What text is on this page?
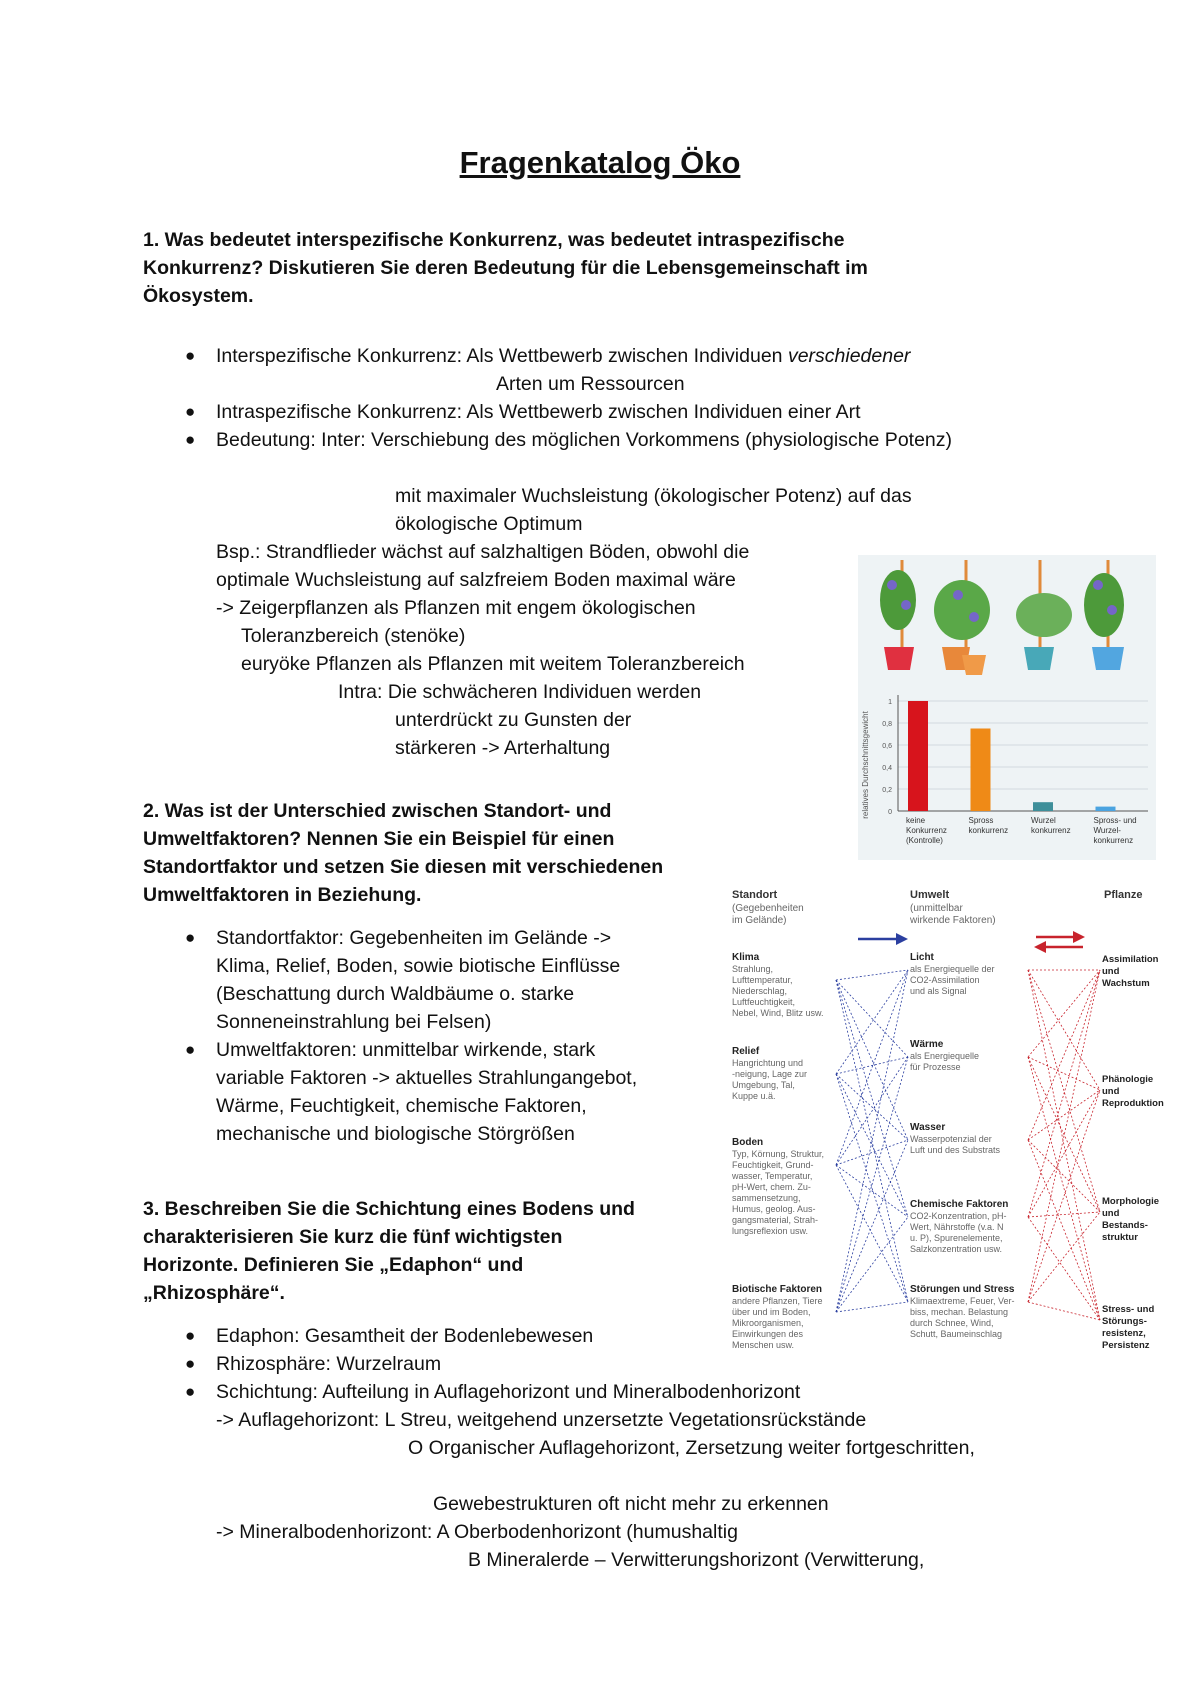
Fragenkatalog Öko
1. Was bedeutet interspezifische Konkurrenz, was bedeutet intraspezifische
Konkurrenz? Diskutieren Sie deren Bedeutung für die Lebensgemeinschaft im
Ökosystem.
● Interspezifische Konkurrenz: Als Wettbewerb zwischen Individuen verschiedener
Arten um Ressourcen
● Intraspezifische Konkurrenz: Als Wettbewerb zwischen Individuen einer Art
● Bedeutung: Inter: Verschiebung des möglichen Vorkommens (physiologische Potenz)
mit maximaler Wuchsleistung (ökologischer Potenz) auf das
ökologische Optimum
Bsp.: Strandflieder wächst auf salzhaltigen Böden, obwohl die
optimale Wuchsleistung auf salzfreiem Boden maximal wäre
-> Zeigerpflanzen als Pflanzen mit engem ökologischen
Toleranzbereich (stenöke)
euryöke Pflanzen als Pflanzen mit weitem Toleranzbereich
Intra: Die schwächeren Individuen werden
unterdrückt zu Gunsten der
stärkeren -> Arterhaltung
0
0,2
0,4
0,6
0,8
1
keine
Konkurrenz
(Kontrolle)
Spross
konkurrenz
Wurzel
konkurrenz
Spross- und
Wurzel-
konkurrenz
relatives Durchschnittsgewicht
2. Was ist der Unterschied zwischen Standort- und
Umweltfaktoren? Nennen Sie ein Beispiel für einen
Standortfaktor und setzen Sie diesen mit verschiedenen
Umweltfaktoren in Beziehung.
● Standortfaktor: Gegebenheiten im Gelände ->
Klima, Relief, Boden, sowie biotische Einflüsse
(Beschattung durch Waldbäume o. starke
Sonneneinstrahlung bei Felsen)
● Umweltfaktoren: unmittelbar wirkende, stark
variable Faktoren -> aktuelles Strahlungangebot,
Wärme, Feuchtigkeit, chemische Faktoren,
mechanische und biologische Störgrößen
Standort
(Gegebenheiten
im Gelände)
Umwelt
(unmittelbar
wirkende Faktoren)
Pflanze
Klima
Strahlung,
Lufttemperatur,
Niederschlag,
Luftfeuchtigkeit,
Nebel, Wind, Blitz usw.
Relief
Hangrichtung und
-neigung, Lage zur
Umgebung, Tal,
Kuppe u.ä.
Boden
Typ, Körnung, Struktur,
Feuchtigkeit, Grund-
wasser, Temperatur,
pH-Wert, chem. Zu-
sammensetzung,
Humus, geolog. Aus-
gangsmaterial, Strah-
lungsreflexion usw.
Biotische Faktoren
andere Pflanzen, Tiere
über und im Boden,
Mikroorganismen,
Einwirkungen des
Menschen usw.
Licht
als Energiequelle der
CO2-Assimilation
und als Signal
Wärme
als Energiequelle
für Prozesse
Wasser
Wasserpotenzial der
Luft und des Substrats
Chemische Faktoren
CO2-Konzentration, pH-
Wert, Nährstoffe (v.a. N
u. P), Spurenelemente,
Salzkonzentration usw.
Störungen und Stress
Klimaextreme, Feuer, Ver-
biss, mechan. Belastung
durch Schnee, Wind,
Schutt, Baumeinschlag
Assimilation
und
Wachstum
Phänologie
und
Reproduktion
Morphologie
und
Bestands-
struktur
Stress- und
Störungs-
resistenz,
Persistenz
3. Beschreiben Sie die Schichtung eines Bodens und
charakterisieren Sie kurz die fünf wichtigsten
Horizonte. Definieren Sie „Edaphon“ und
„Rhizosphäre“.
● Edaphon: Gesamtheit der Bodenlebewesen
● Rhizosphäre: Wurzelraum
● Schichtung: Aufteilung in Auflagehorizont und Mineralbodenhorizont
-> Auflagehorizont: L Streu, weitgehend unzersetzte Vegetationsrückstände
O Organischer Auflagehorizont, Zersetzung weiter fortgeschritten,
Gewebestrukturen oft nicht mehr zu erkennen
-> Mineralbodenhorizont: A Oberbodenhorizont (humushaltig
B Mineralerde – Verwitterungshorizont (Verwitterung,
